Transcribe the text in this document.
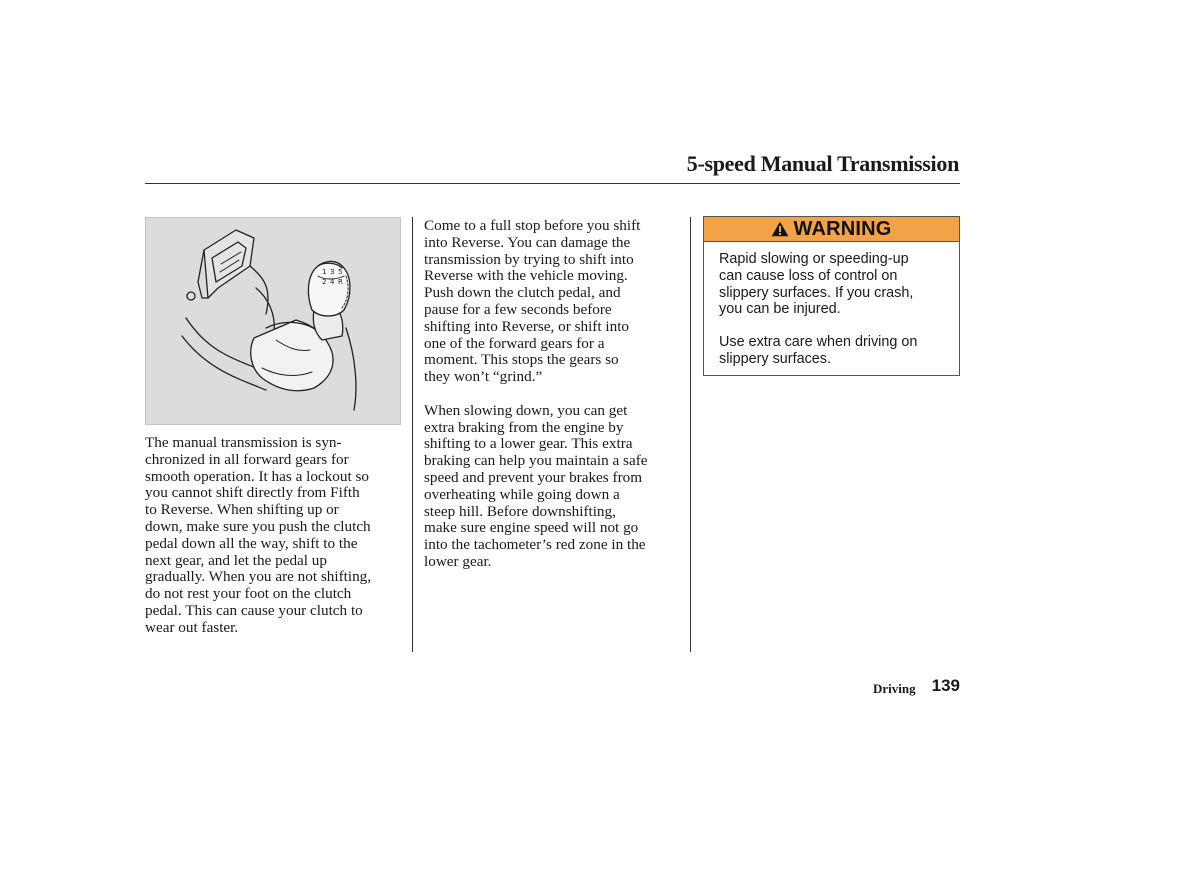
5-speed Manual Transmission
1 3 5
2 4 R

The manual transmission is syn-
chronized in all forward gears for
smooth operation. It has a lockout so
you cannot shift directly from Fifth
to Reverse. When shifting up or
down, make sure you push the clutch
pedal down all the way, shift to the
next gear, and let the pedal up
gradually. When you are not shifting,
do not rest your foot on the clutch
pedal. This can cause your clutch to
wear out faster.

Come to a full stop before you shift
into Reverse. You can damage the
transmission by trying to shift into
Reverse with the vehicle moving.
Push down the clutch pedal, and
pause for a few seconds before
shifting into Reverse, or shift into
one of the forward gears for a
moment. This stops the gears so
they won’t “grind.”

When slowing down, you can get
extra braking from the engine by
shifting to a lower gear. This extra
braking can help you maintain a safe
speed and prevent your brakes from
overheating while going down a
steep hill. Before downshifting,
make sure engine speed will not go
into the tachometer’s red zone in the
lower gear.

WARNING

Rapid slowing or speeding-up
can cause loss of control on
slippery surfaces. If you crash,
you can be injured.

Use extra care when driving on
slippery surfaces.

Driving 139
